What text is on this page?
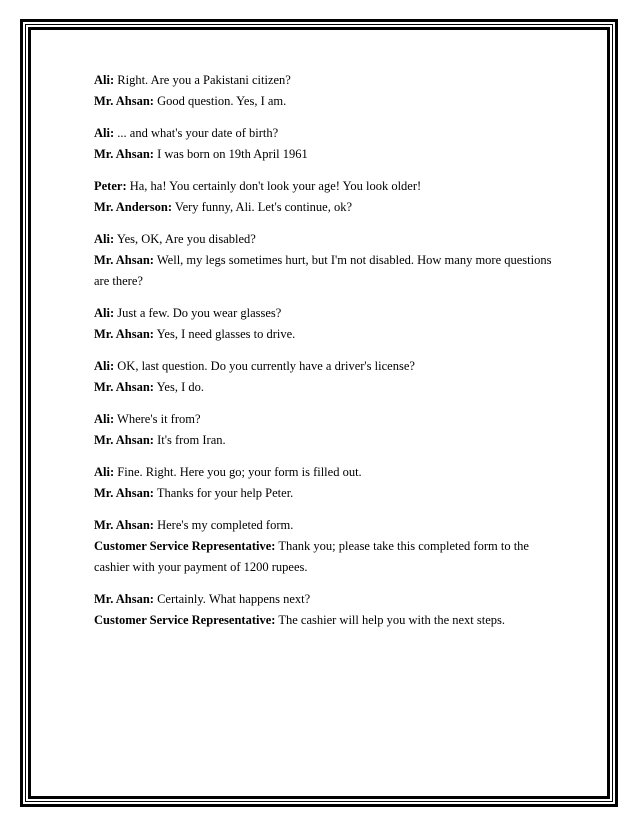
Ali: Right. Are you a Pakistani citizen?

Mr. Ahsan: Good question. Yes, I am.

Ali: ... and what's your date of birth?

Mr. Ahsan: I was born on 19th April 1961

Peter: Ha, ha! You certainly don't look your age! You look older!

Mr. Anderson: Very funny, Ali. Let's continue, ok?

Ali: Yes, OK, Are you disabled?

Mr. Ahsan: Well, my legs sometimes hurt, but I'm not disabled. How many more questions are there?

Ali: Just a few. Do you wear glasses?

Mr. Ahsan: Yes, I need glasses to drive.

Ali: OK, last question. Do you currently have a driver's license?

Mr. Ahsan: Yes, I do.

Ali: Where's it from?

Mr. Ahsan: It's from Iran.

Ali: Fine. Right. Here you go; your form is filled out.

Mr. Ahsan: Thanks for your help Peter.

Mr. Ahsan: Here's my completed form.

Customer Service Representative: Thank you; please take this completed form to the cashier with your payment of 1200 rupees.

Mr. Ahsan: Certainly. What happens next?

Customer Service Representative: The cashier will help you with the next steps.
